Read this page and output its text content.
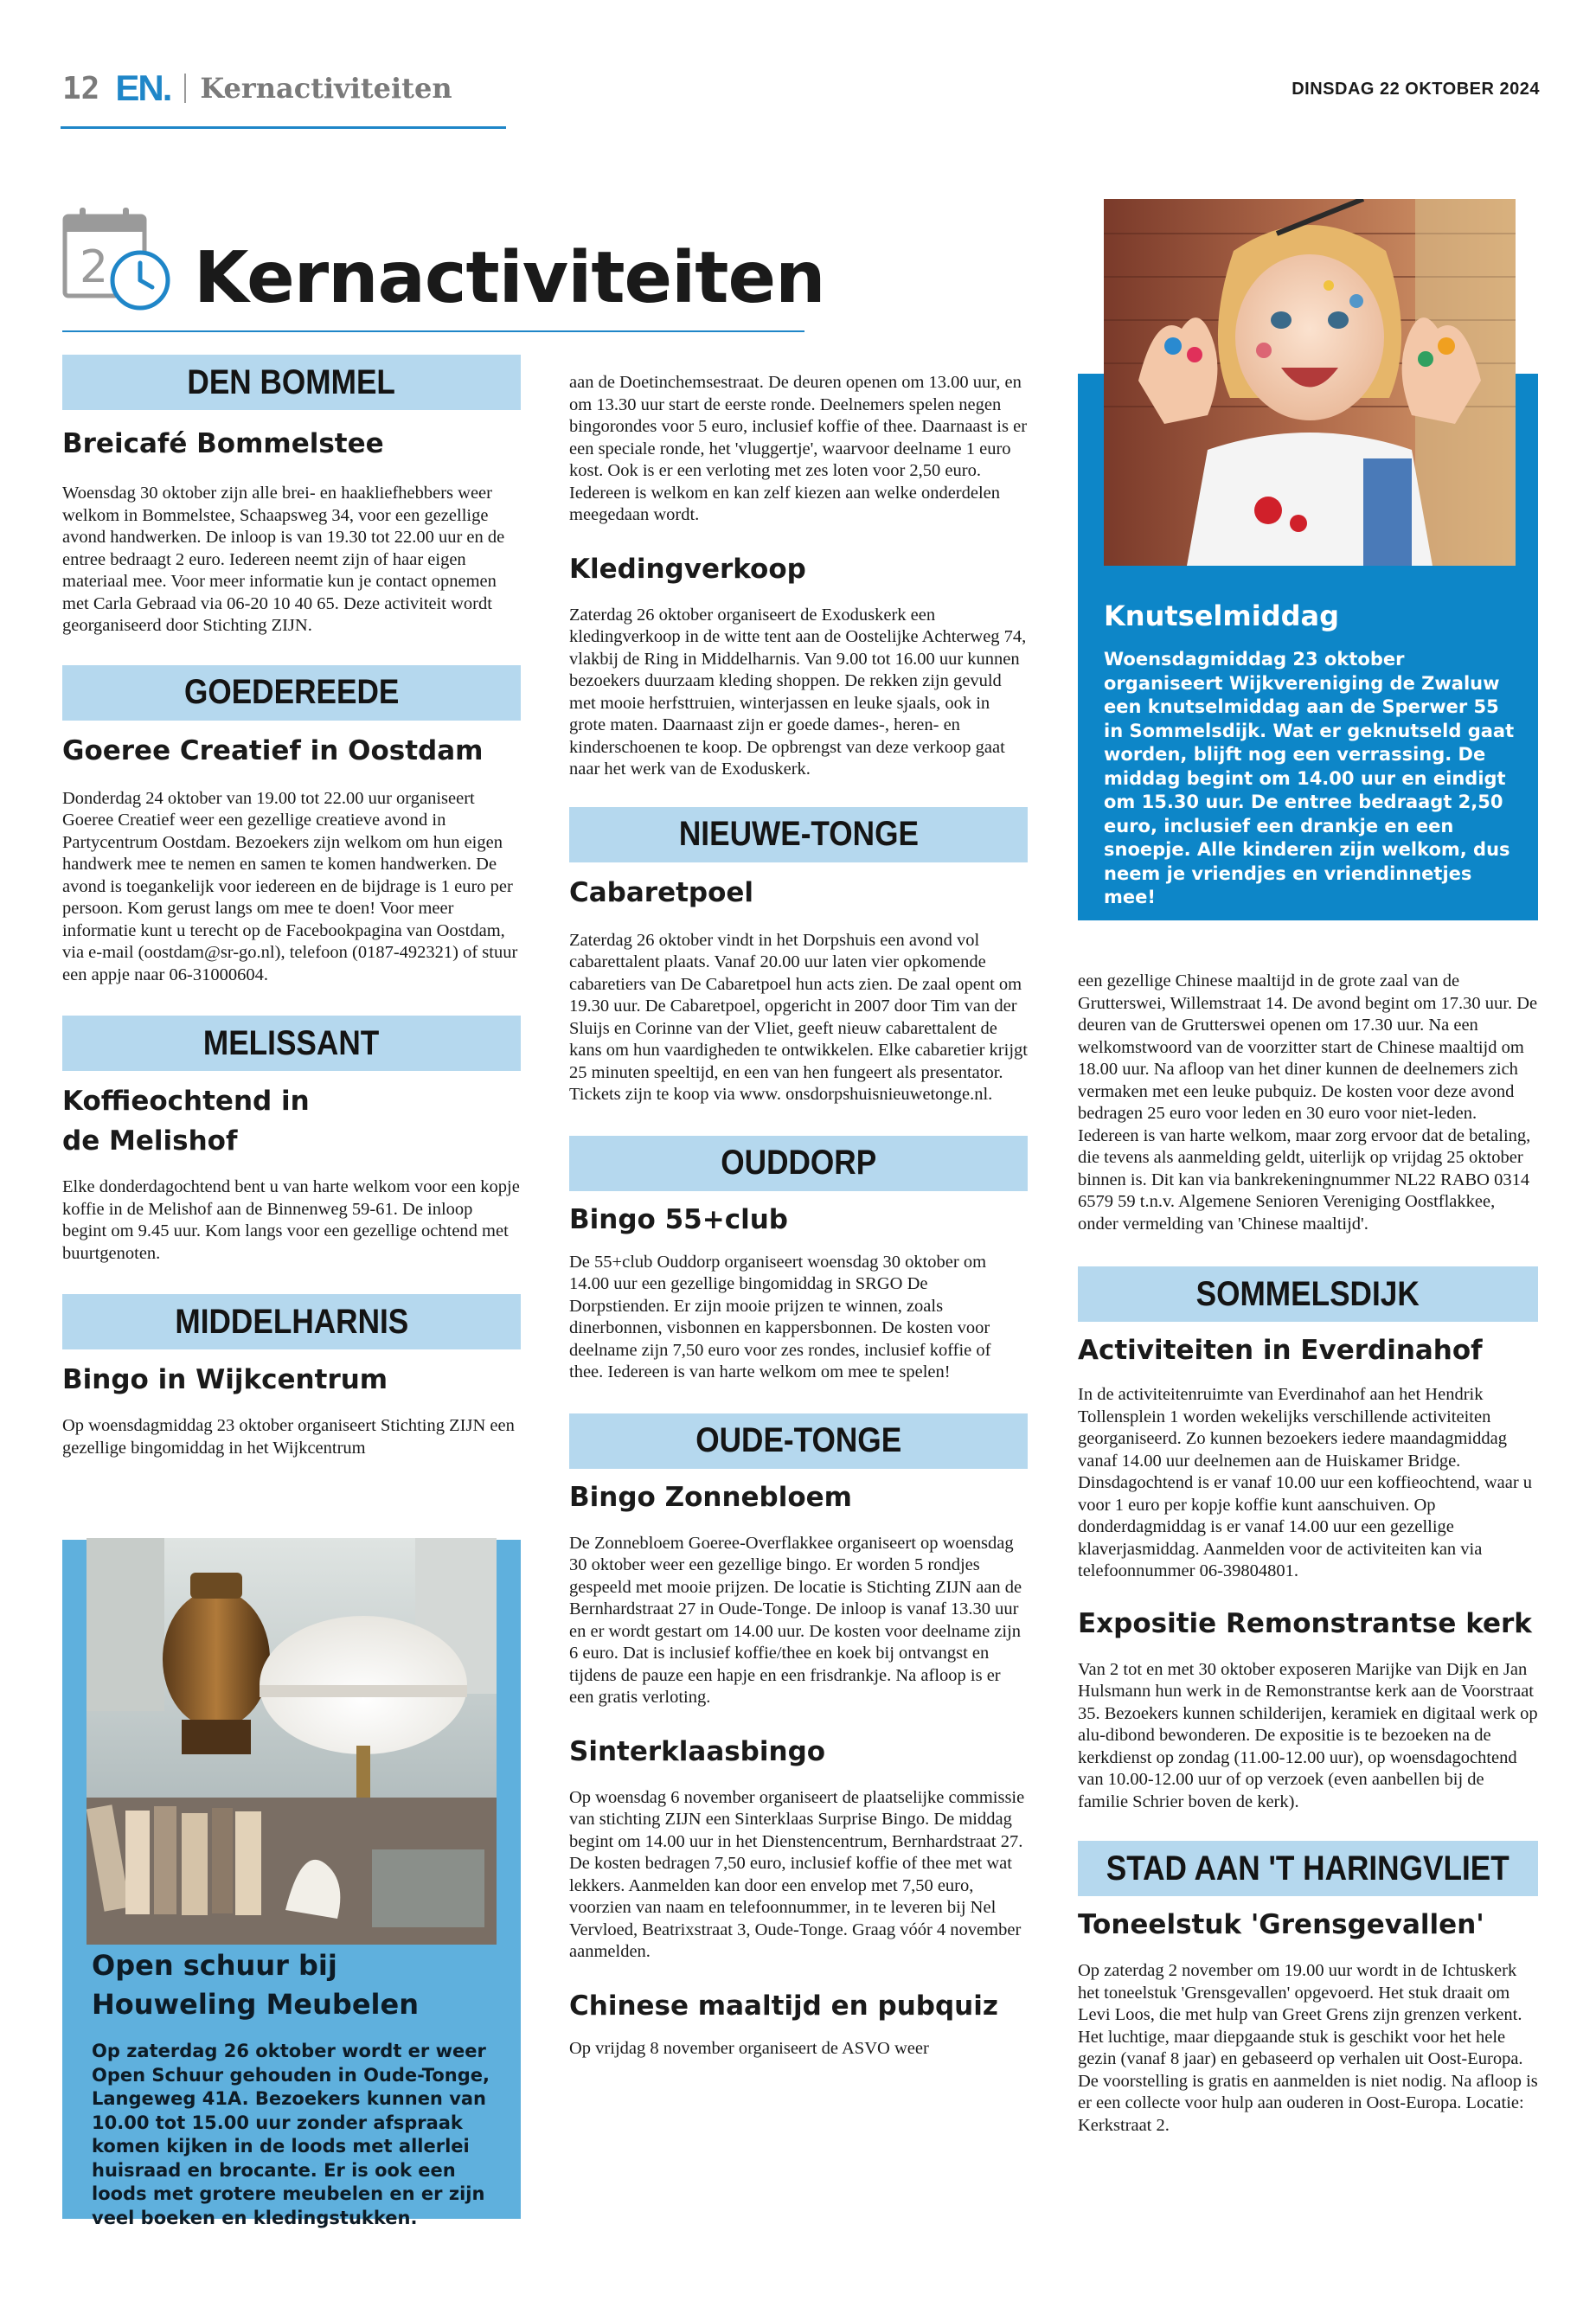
12 EN. Kernactiviteiten	DINSDAG 22 OKTOBER 2024
2 Kernactiviteiten
DEN BOMMEL
Breicafé Bommelstee
Woensdag 30 oktober zijn alle brei- en haakliefhebbers weer welkom in Bommelstee, Schaapsweg 34, voor een gezellige avond handwerken. De inloop is van 19.30 tot 22.00 uur en de entree bedraagt 2 euro. Iedereen neemt zijn of haar eigen materiaal mee. Voor meer informatie kun je contact opnemen met Carla Gebraad via 06-20 10 40 65. Deze activiteit wordt georganiseerd door Stichting ZIJN.
GOEDEREEDE
Goeree Creatief in Oostdam
Donderdag 24 oktober van 19.00 tot 22.00 uur organiseert Goeree Creatief weer een gezellige creatieve avond in Partycentrum Oostdam. Bezoekers zijn welkom om hun eigen handwerk mee te nemen en samen te komen handwerken. De avond is toegankelijk voor iedereen en de bijdrage is 1 euro per persoon. Kom gerust langs om mee te doen! Voor meer informatie kunt u terecht op de Facebookpagina van Oostdam, via e-mail (oostdam@sr-go.nl), telefoon (0187-492321) of stuur een appje naar 06-31000604.
MELISSANT
Koffieochtend in
de Melishof
Elke donderdagochtend bent u van harte welkom voor een kopje koffie in de Melishof aan de Binnenweg 59-61. De inloop begint om 9.45 uur. Kom langs voor een gezellige ochtend met buurtgenoten.
MIDDELHARNIS
Bingo in Wijkcentrum
Op woensdagmiddag 23 oktober organiseert Stichting ZIJN een gezellige bingomiddag in het Wijkcentrum
Open schuur bij
Houweling Meubelen
Op zaterdag 26 oktober wordt er weer Open Schuur gehouden in Oude-Tonge, Langeweg 41A. Bezoekers kunnen van 10.00 tot 15.00 uur zonder afspraak komen kijken in de loods met allerlei huisraad en brocante. Er is ook een loods met grotere meubelen en er zijn veel boeken en kledingstukken.
aan de Doetinchemsestraat. De deuren openen om 13.00 uur, en om 13.30 uur start de eerste ronde. Deelnemers spelen negen bingorondes voor 5 euro, inclusief koffie of thee. Daarnaast is er een speciale ronde, het 'vluggertje', waarvoor deelname 1 euro kost. Ook is er een verloting met zes loten voor 2,50 euro. Iedereen is welkom en kan zelf kiezen aan welke onderdelen meegedaan wordt.
Kledingverkoop
Zaterdag 26 oktober organiseert de Exoduskerk een kledingverkoop in de witte tent aan de Oostelijke Achterweg 74, vlakbij de Ring in Middelharnis. Van 9.00 tot 16.00 uur kunnen bezoekers duurzaam kleding shoppen. De rekken zijn gevuld met mooie herfsttruien, winterjassen en leuke sjaals, ook in grote maten. Daarnaast zijn er goede dames-, heren- en kinderschoenen te koop. De opbrengst van deze verkoop gaat naar het werk van de Exoduskerk.
NIEUWE-TONGE
Cabaretpoel
Zaterdag 26 oktober vindt in het Dorpshuis een avond vol cabarettalent plaats. Vanaf 20.00 uur laten vier opkomende cabaretiers van De Cabaretpoel hun acts zien. De zaal opent om 19.30 uur. De Cabaretpoel, opgericht in 2007 door Tim van der Sluijs en Corinne van der Vliet, geeft nieuw cabarettalent de kans om hun vaardigheden te ontwikkelen. Elke cabaretier krijgt 25 minuten speeltijd, en een van hen fungeert als presentator. Tickets zijn te koop via www. onsdorpshuisnieuwetonge.nl.
OUDDORP
Bingo 55+club
De 55+club Ouddorp organiseert woensdag 30 oktober om 14.00 uur een gezellige bingomiddag in SRGO De Dorpstienden. Er zijn mooie prijzen te winnen, zoals dinerbonnen, visbonnen en kappersbonnen. De kosten voor deelname zijn 7,50 euro voor zes rondes, inclusief koffie of thee. Iedereen is van harte welkom om mee te spelen!
OUDE-TONGE
Bingo Zonnebloem
De Zonnebloem Goeree-Overflakkee organiseert op woensdag 30 oktober weer een gezellige bingo. Er worden 5 rondjes gespeeld met mooie prijzen. De locatie is Stichting ZIJN aan de Bernhardstraat 27 in Oude-Tonge. De inloop is vanaf 13.30 uur en er wordt gestart om 14.00 uur. De kosten voor deelname zijn 6 euro. Dat is inclusief koffie/thee en koek bij ontvangst en tijdens de pauze een hapje en een frisdrankje. Na afloop is er een gratis verloting.
Sinterklaasbingo
Op woensdag 6 november organiseert de plaatselijke commissie van stichting ZIJN een Sinterklaas Surprise Bingo. De middag begint om 14.00 uur in het Dienstencentrum, Bernhardstraat 27. De kosten bedragen 7,50 euro, inclusief koffie of thee met wat lekkers. Aanmelden kan door een envelop met 7,50 euro, voorzien van naam en telefoonnummer, in te leveren bij Nel Vervloed, Beatrixstraat 3, Oude-Tonge. Graag vóór 4 november aanmelden.
Chinese maaltijd en pubquiz
Op vrijdag 8 november organiseert de ASVO weer
Knutselmiddag
Woensdagmiddag 23 oktober organiseert Wijkvereniging de Zwaluw een knutselmiddag aan de Sperwer 55 in Sommelsdijk. Wat er geknutseld gaat worden, blijft nog een verrassing. De middag begint om 14.00 uur en eindigt om 15.30 uur. De entree bedraagt 2,50 euro, inclusief een drankje en een snoepje. Alle kinderen zijn welkom, dus neem je vriendjes en vriendinnetjes mee!
een gezellige Chinese maaltijd in de grote zaal van de Grutterswei, Willemstraat 14. De avond begint om 17.30 uur. De deuren van de Grutterswei openen om 17.30 uur. Na een welkomstwoord van de voorzitter start de Chinese maaltijd om 18.00 uur. Na afloop van het diner kunnen de deelnemers zich vermaken met een leuke pubquiz. De kosten voor deze avond bedragen 25 euro voor leden en 30 euro voor niet-leden. Iedereen is van harte welkom, maar zorg ervoor dat de betaling, die tevens als aanmelding geldt, uiterlijk op vrijdag 25 oktober binnen is. Dit kan via bankrekeningnummer NL22 RABO 0314 6579 59 t.n.v. Algemene Senioren Vereniging Oostflakkee, onder vermelding van 'Chinese maaltijd'.
SOMMELSDIJK
Activiteiten in Everdinahof
In de activiteitenruimte van Everdinahof aan het Hendrik Tollensplein 1 worden wekelijks verschillende activiteiten georganiseerd. Zo kunnen bezoekers iedere maandagmiddag vanaf 14.00 uur deelnemen aan de Huiskamer Bridge. Dinsdagochtend is er vanaf 10.00 uur een koffieochtend, waar u voor 1 euro per kopje koffie kunt aanschuiven. Op donderdagmiddag is er vanaf 14.00 uur een gezellige klaverjasmiddag. Aanmelden voor de activiteiten kan via telefoonnummer 06-39804801.
Expositie Remonstrantse kerk
Van 2 tot en met 30 oktober exposeren Marijke van Dijk en Jan Hulsmann hun werk in de Remonstrantse kerk aan de Voorstraat 35. Bezoekers kunnen schilderijen, keramiek en digitaal werk op alu-dibond bewonderen. De expositie is te bezoeken na de kerkdienst op zondag (11.00-12.00 uur), op woensdagochtend van 10.00-12.00 uur of op verzoek (even aanbellen bij de familie Schrier boven de kerk).
STAD AAN 'T HARINGVLIET
Toneelstuk 'Grensgevallen'
Op zaterdag 2 november om 19.00 uur wordt in de Ichtuskerk het toneelstuk 'Grensgevallen' opgevoerd. Het stuk draait om Levi Loos, die met hulp van Greet Grens zijn grenzen verkent. Het luchtige, maar diepgaande stuk is geschikt voor het hele gezin (vanaf 8 jaar) en gebaseerd op verhalen uit Oost-Europa. De voorstelling is gratis en aanmelden is niet nodig. Na afloop is er een collecte voor hulp aan ouderen in Oost-Europa. Locatie: Kerkstraat 2.
